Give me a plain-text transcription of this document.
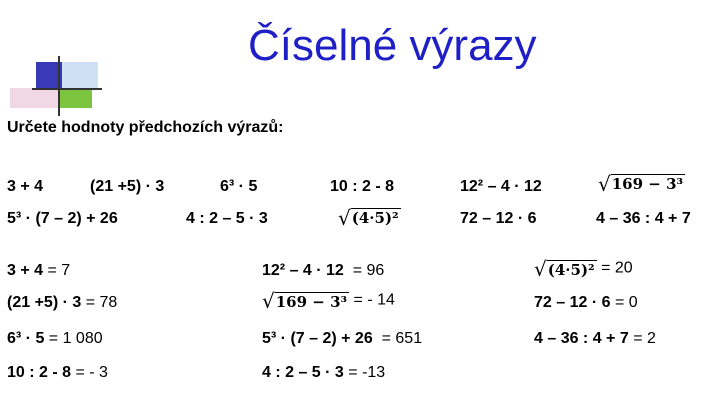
Číselné výrazy
Určete hodnoty předchozích výrazů:
3 + 4	(21 +5) · 3	6³ · 5	10 : 2 - 8	12² – 4 · 12	√169 − 3³
5³ · (7 – 2) + 26	4 : 2 – 5 · 3	√(4·5)²	72 – 12 · 6	4 – 36 : 4 + 7
3 + 4 = 7	12² – 4 · 12 = 96	√(4·5)² = 20
(21 +5) · 3 = 78	√169 − 3³ = - 14	72 – 12 · 6 = 0
6³ · 5 = 1 080	5³ · (7 – 2) + 26 = 651	4 – 36 : 4 + 7 = 2
10 : 2 - 8 = - 3	4 : 2 – 5 · 3 = -13
